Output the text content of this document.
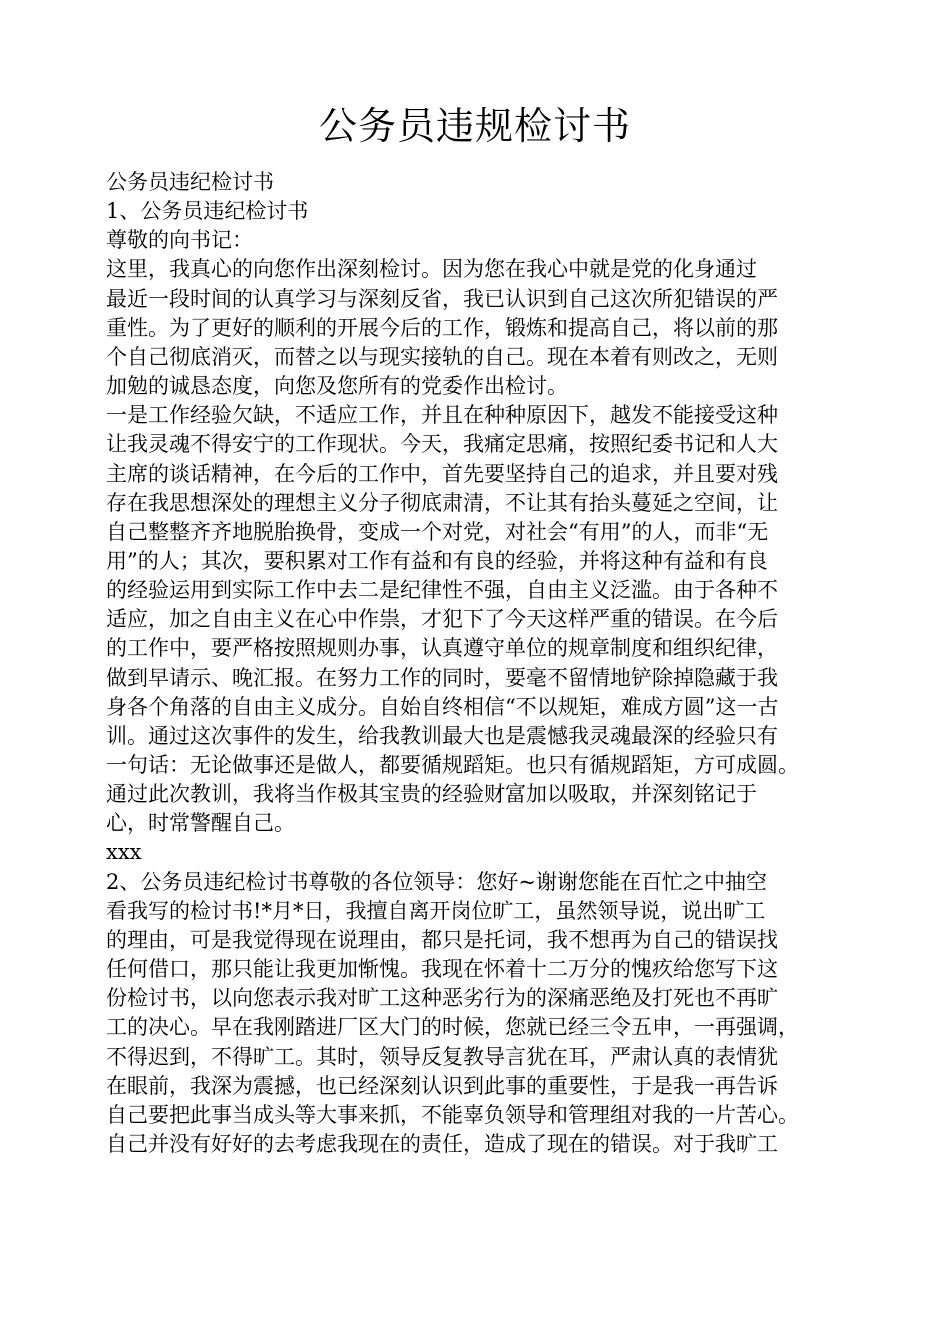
公务员违规检讨书
公务员违纪检讨书
1、公务员违纪检讨书
尊敬的向书记：
这里，我真心的向您作出深刻检讨。因为您在我心中就是党的化身通过
最近一段时间的认真学习与深刻反省，我已认识到自己这次所犯错误的严
重性。为了更好的顺利的开展今后的工作，锻炼和提高自己，将以前的那
个自己彻底消灭，而替之以与现实接轨的自己。现在本着有则改之，无则
加勉的诚恳态度，向您及您所有的党委作出检讨。
一是工作经验欠缺，不适应工作，并且在种种原因下，越发不能接受这种
让我灵魂不得安宁的工作现状。今天，我痛定思痛，按照纪委书记和人大
主席的谈话精神，在今后的工作中，首先要坚持自己的追求，并且要对残
存在我思想深处的理想主义分子彻底肃清，不让其有抬头蔓延之空间，让
自己整整齐齐地脱胎换骨，变成一个对党，对社会“有用”的人，而非“无
用”的人；其次，要积累对工作有益和有良的经验，并将这种有益和有良
的经验运用到实际工作中去二是纪律性不强，自由主义泛滥。由于各种不
适应，加之自由主义在心中作祟，才犯下了今天这样严重的错误。在今后
的工作中，要严格按照规则办事，认真遵守单位的规章制度和组织纪律，
做到早请示、晚汇报。在努力工作的同时，要毫不留情地铲除掉隐藏于我
身各个角落的自由主义成分。自始自终相信“不以规矩，难成方圆”这一古
训。通过这次事件的发生，给我教训最大也是震憾我灵魂最深的经验只有
一句话：无论做事还是做人，都要循规蹈矩。也只有循规蹈矩，方可成圆。
通过此次教训，我将当作极其宝贵的经验财富加以吸取，并深刻铭记于
心，时常警醒自己。
xxx
2、公务员违纪检讨书尊敬的各位领导：您好~谢谢您能在百忙之中抽空
看我写的检讨书!*月*日，我擅自离开岗位旷工，虽然领导说，说出旷工
的理由，可是我觉得现在说理由，都只是托词，我不想再为自己的错误找
任何借口，那只能让我更加惭愧。我现在怀着十二万分的愧疚给您写下这
份检讨书，以向您表示我对旷工这种恶劣行为的深痛恶绝及打死也不再旷
工的决心。早在我刚踏进厂区大门的时候，您就已经三令五申，一再强调，
不得迟到，不得旷工。其时，领导反复教导言犹在耳，严肃认真的表情犹
在眼前，我深为震撼，也已经深刻认识到此事的重要性，于是我一再告诉
自己要把此事当成头等大事来抓，不能辜负领导和管理组对我的一片苦心。
自己并没有好好的去考虑我现在的责任，造成了现在的错误。对于我旷工
